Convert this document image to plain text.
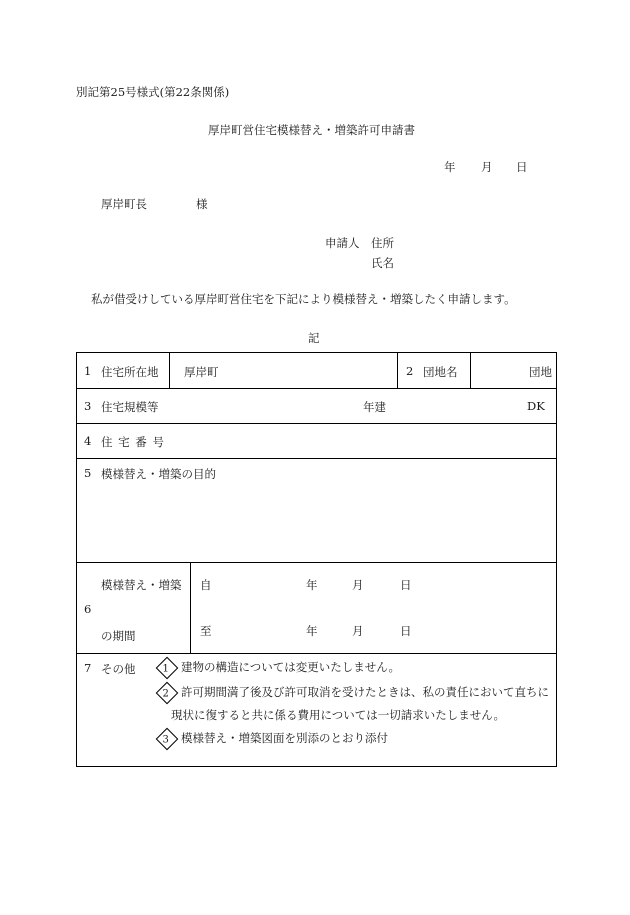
別記第25号様式(第22条関係)
厚岸町営住宅模様替え・増築許可申請書
年 月 日
厚岸町長	様
申請人 住所
氏名
私が借受けしている厚岸町営住宅を下記により模様替え・増築したく申請します。
記
1 住宅所在地 厚岸町	2 団地名	団地
3 住宅規模等	年建	DK
4 住 宅 番 号
5 模様替え・増築の目的
模様替え・増築
6
の期間
自	年	月	日
至	年	月	日
7 その他	1 建物の構造については変更いたしません。
2 許可期間満了後及び許可取消を受けたときは、私の責任において直ちに
現状に復すると共に係る費用については一切請求いたしません。
3 模様替え・増築図面を別添のとおり添付
